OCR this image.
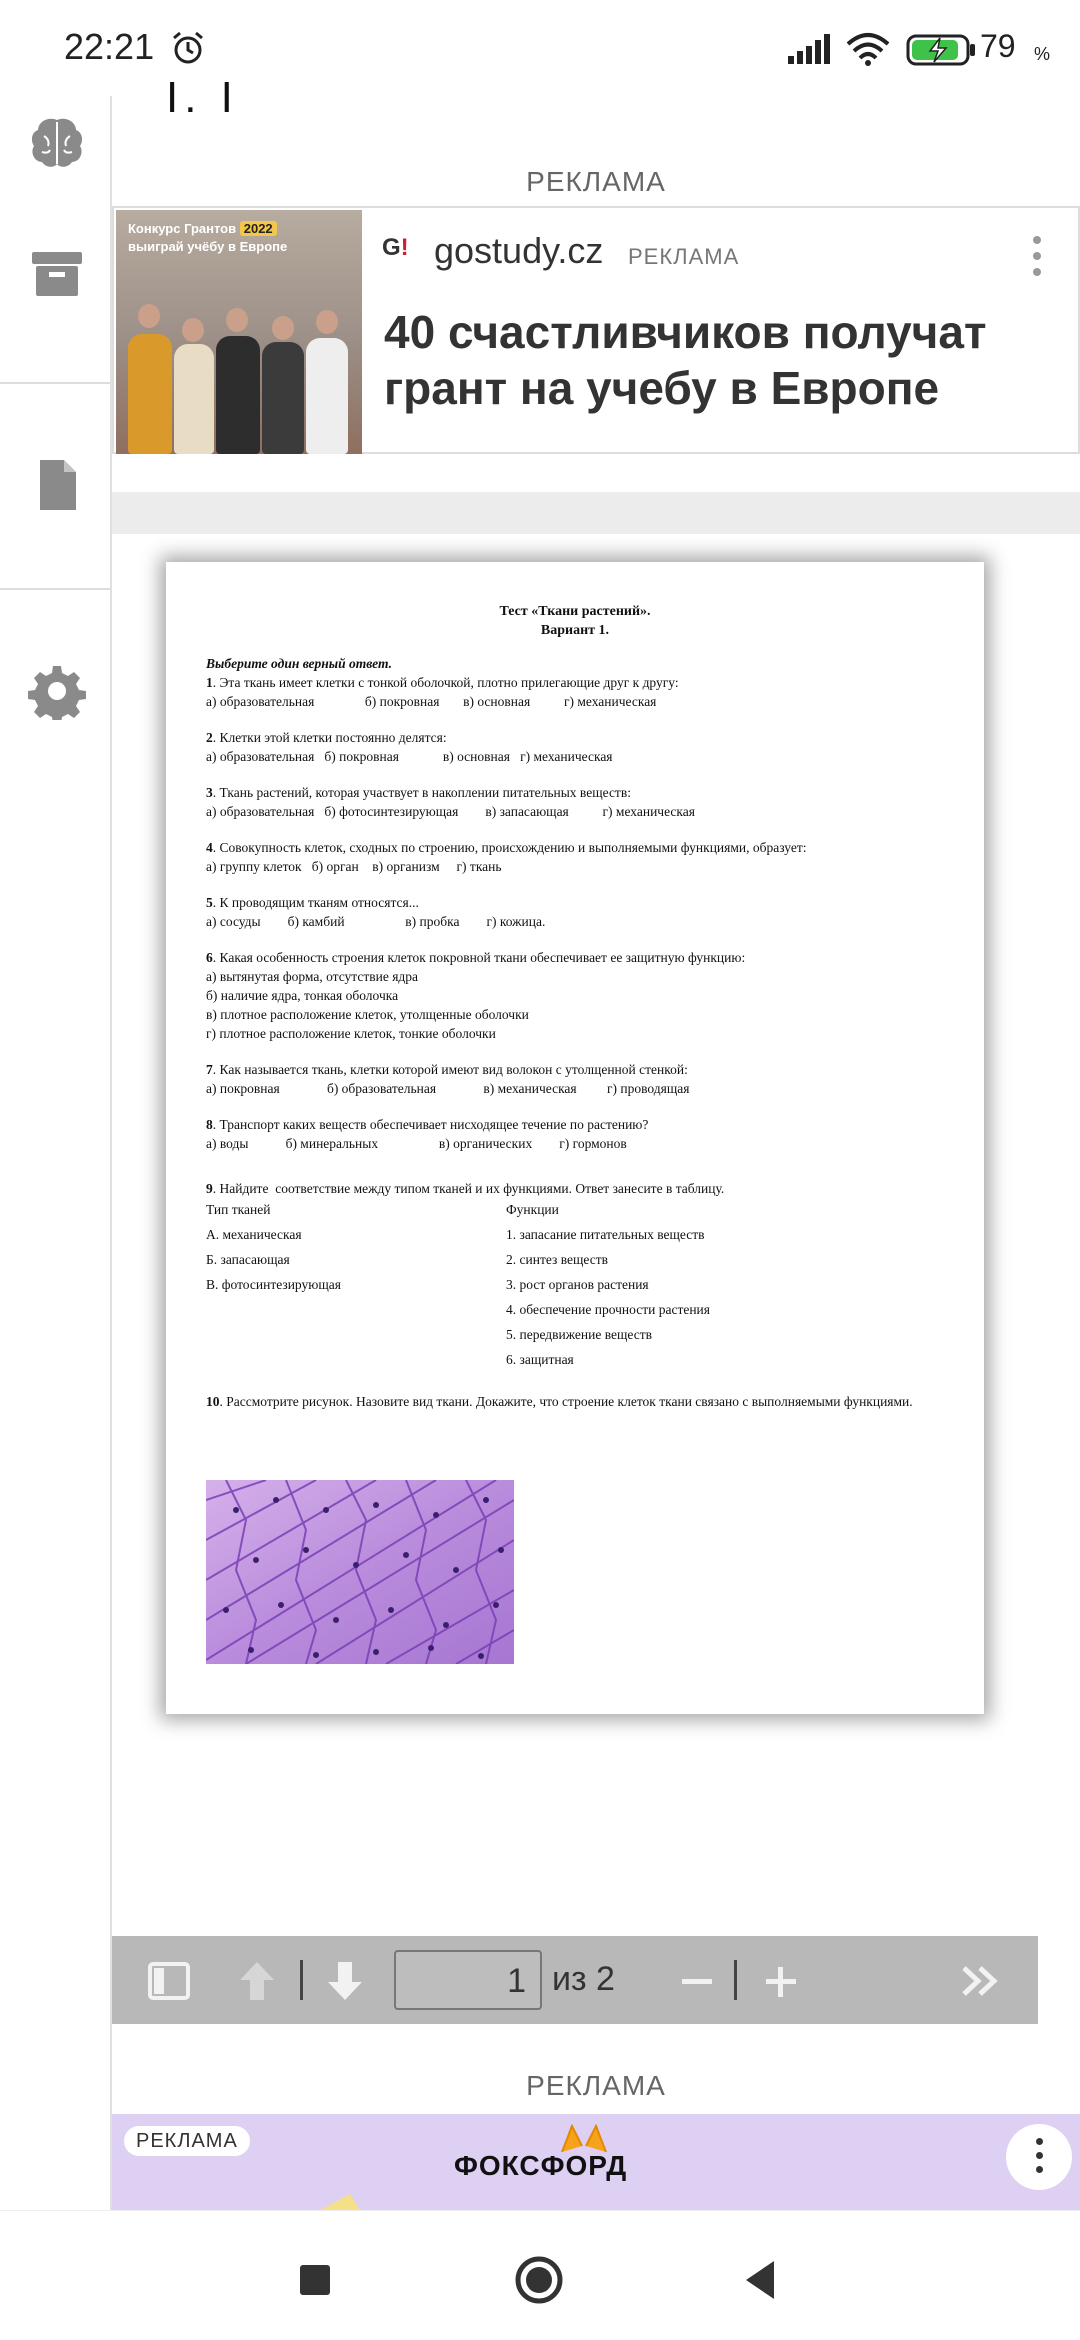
22:21	79 %
I. I
РЕКЛАМА
Конкурс Грантов 2022
выиграй учёбу в Европе	G! gostudy.cz РЕКЛАМА
40 счастливчиков получат грант на учебу в Европе
Тест «Ткани растений».
Вариант 1.
Выберите один верный ответ.

1. Эта ткань имеет клетки с тонкой оболочкой, плотно прилегающие друг к другу:

а) образовательная               б) покровная       в) основная          г) механическая

2. Клетки этой клетки постоянно делятся:

а) образовательная   б) покровная             в) основная   г) механическая

3. Ткань растений, которая участвует в накоплении питательных веществ:

а) образовательная   б) фотосинтезирующая        в) запасающая          г) механическая

4. Совокупность клеток, сходных по строению, происхождению и выполняемыми функциями, образует:

а) группу клеток   б) орган    в) организм     г) ткань

5. К проводящим тканям относятся...

а) сосуды        б) камбий                  в) пробка        г) кожица.

6. Какая особенность строения клеток покровной ткани обеспечивает ее защитную функцию:

а) вытянутая форма, отсутствие ядра

б) наличие ядра, тонкая оболочка

в) плотное расположение клеток, утолщенные оболочки

г) плотное расположение клеток, тонкие оболочки

7. Как называется ткань, клетки которой имеют вид волокон с утолщенной стенкой:

а) покровная              б) образовательная              в) механическая         г) проводящая

8. Транспорт каких веществ обеспечивает нисходящее течение по растению?

а) воды           б) минеральных                  в) органических        г) гормонов

9. Найдите  соответствие между типом тканей и их функциями. Ответ занесите в таблицу.

Тип тканей
А. механическая
Б. запасающая
В. фотосинтезирующая
Функции
1. запасание питательных веществ
2. синтез веществ
3. рост органов растения
4. обеспечение прочности растения
5. передвижение веществ
6. защитная

10. Рассмотрите рисунок. Назовите вид ткани. Докажите, что строение клеток ткани связано с выполняемыми функциями.

1 из 2
РЕКЛАМА
РЕКЛАМА
ФОКСФОРД
